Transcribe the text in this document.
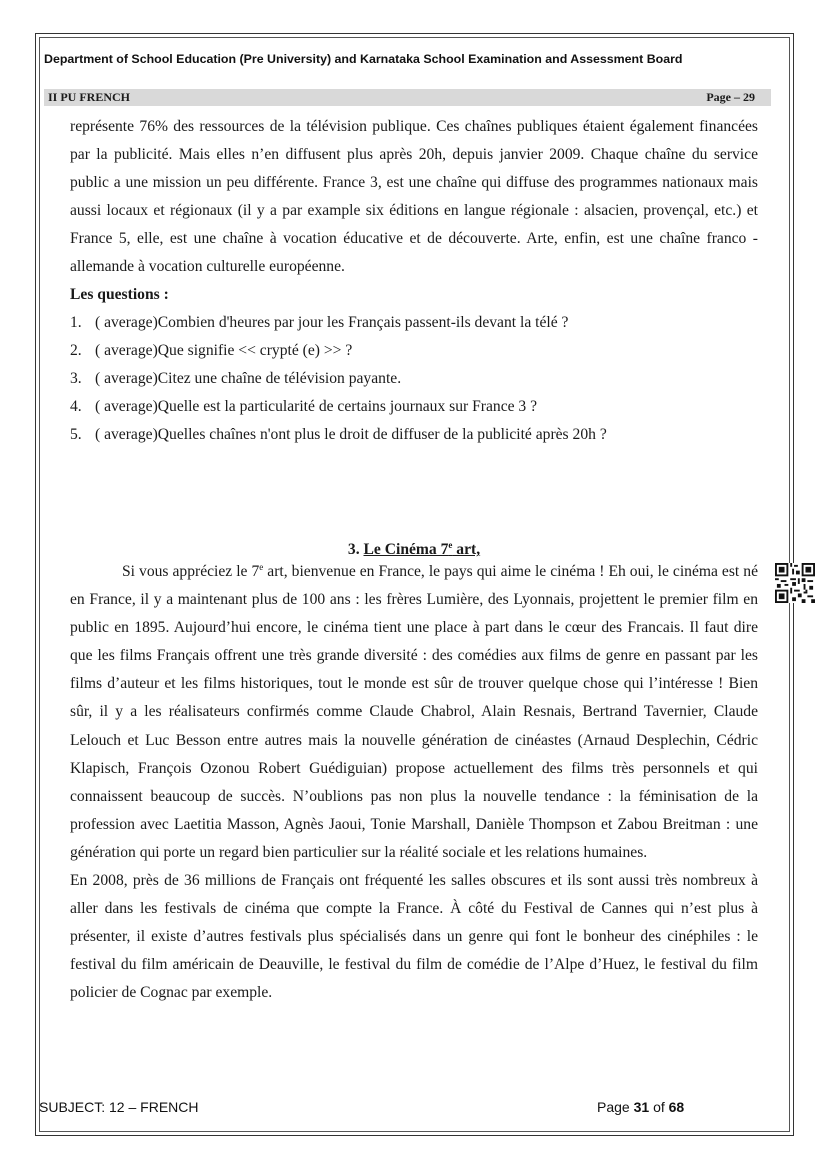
Department of School Education (Pre University) and Karnataka School Examination and Assessment Board
II PU FRENCH	Page – 29

représente 76% des ressources de la télévision publique. Ces chaînes publiques étaient également financées par la publicité. Mais elles n’en diffusent plus après 20h, depuis janvier 2009. Chaque chaîne du service public a une mission un peu différente. France 3, est une chaîne qui diffuse des programmes nationaux mais aussi locaux et régionaux (il y a par example six éditions en langue régionale : alsacien, provençal, etc.) et France 5, elle, est une chaîne à vocation éducative et de découverte. Arte, enfin, est une chaîne franco -allemande à vocation culturelle européenne.

Les questions :

1. ( average)Combien d'heures par jour les Français passent-ils devant la télé ?
2. ( average)Que signifie << crypté (e) >> ?
3. ( average)Citez une chaîne de télévision payante.
4. ( average)Quelle est la particularité de certains journaux sur France 3 ?
5. ( average)Quelles chaînes n'ont plus le droit de diffuser de la publicité après 20h ?
3. Le Cinéma 7e art,

Si vous appréciez le 7e art, bienvenue en France, le pays qui aime le cinéma ! Eh oui, le cinéma est né en France, il y a maintenant plus de 100 ans : les frères Lumière, des Lyonnais, projettent le premier film en public en 1895. Aujourd’hui encore, le cinéma tient une place à part dans le cœur des Francais. Il faut dire que les films Français offrent une très grande diversité : des comédies aux films de genre en passant par les films d’auteur et les films historiques, tout le monde est sûr de trouver quelque chose qui l’intéresse ! Bien sûr, il y a les réalisateurs confirmés comme Claude Chabrol, Alain Resnais, Bertrand Tavernier, Claude Lelouch et Luc Besson entre autres mais la nouvelle génération de cinéastes (Arnaud Desplechin, Cédric Klapisch, François Ozonou Robert Guédiguian) propose actuellement des films très personnels et qui connaissent beaucoup de succès. N’oublions pas non plus la nouvelle tendance : la féminisation de la profession avec Laetitia Masson, Agnès Jaoui, Tonie Marshall, Danièle Thompson et Zabou Breitman : une génération qui porte un regard bien particulier sur la réalité sociale et les relations humaines.

En 2008, près de 36 millions de Français ont fréquenté les salles obscures et ils sont aussi très nombreux à aller dans les festivals de cinéma que compte la France. À côté du Festival de Cannes qui n’est plus à présenter, il existe d’autres festivals plus spécialisés dans un genre qui font le bonheur des cinéphiles : le festival du film américain de Deauville, le festival du film de comédie de l’Alpe d’Huez, le festival du film policier de Cognac par exemple.

SUBJECT: 12 – FRENCH	Page 31 of 68
